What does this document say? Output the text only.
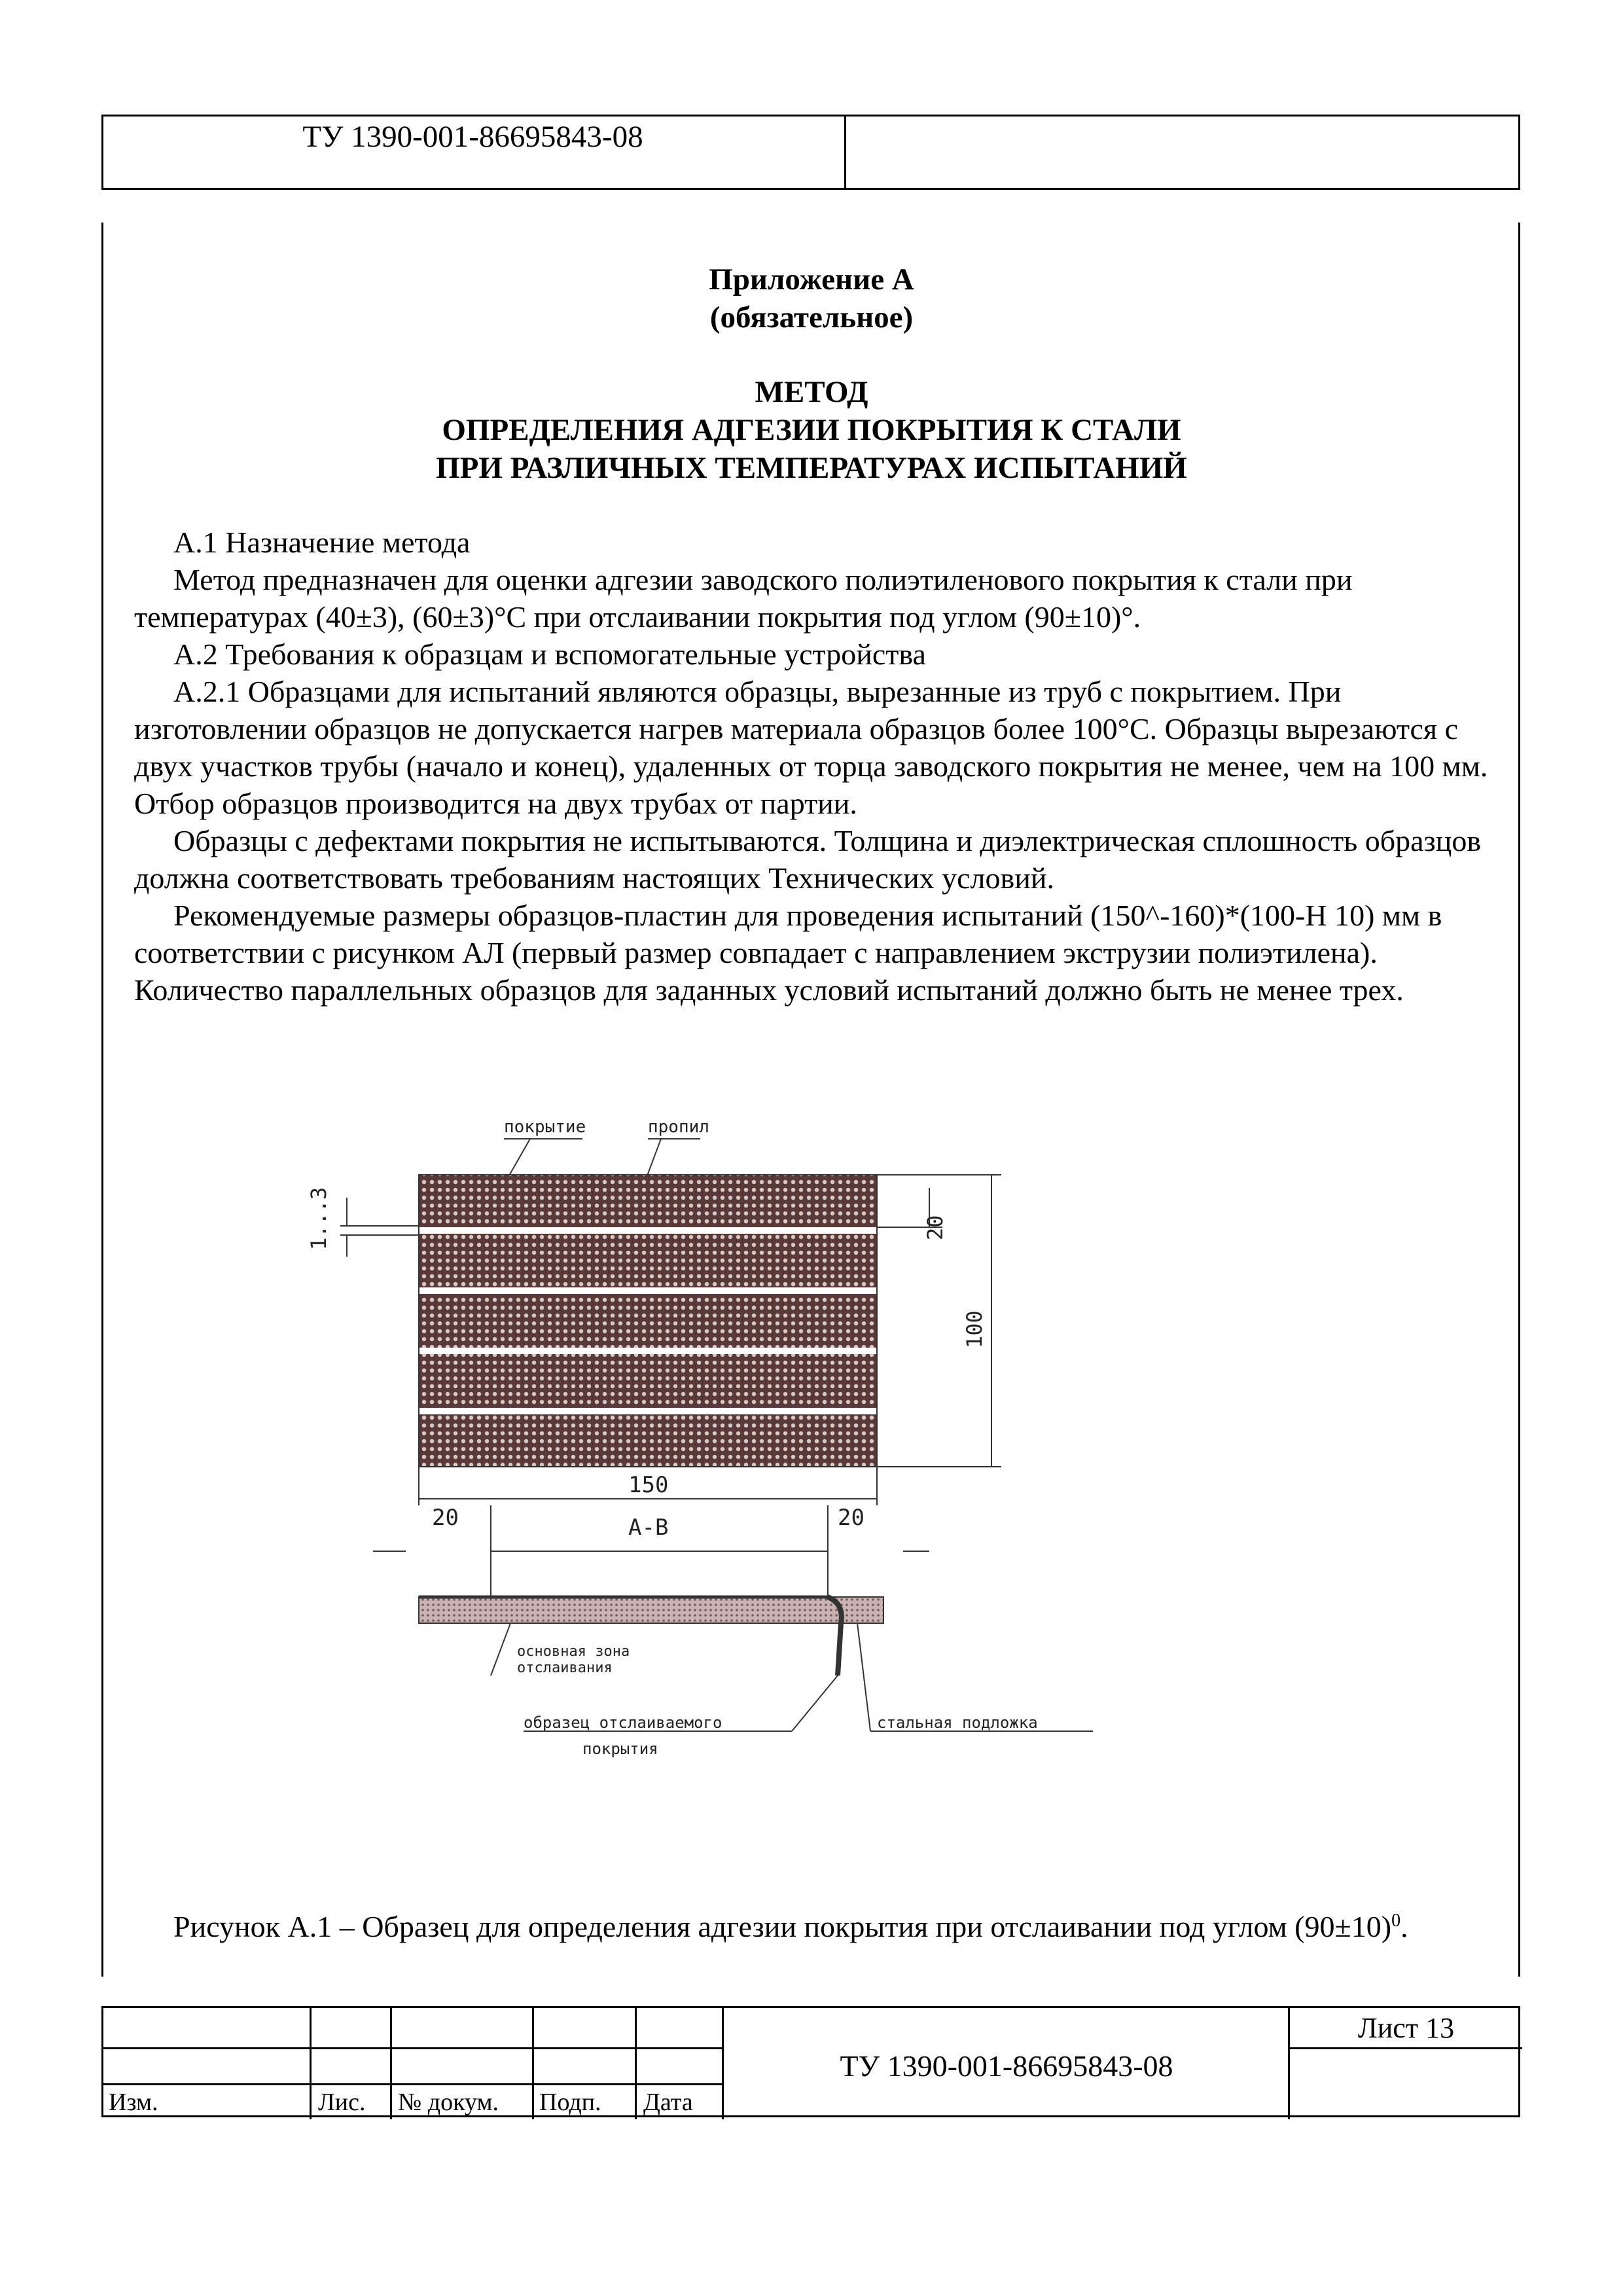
ТУ 1390-001-86695843-08
Приложение А
(обязательное)
МЕТОД
ОПРЕДЕЛЕНИЯ АДГЕЗИИ ПОКРЫТИЯ К СТАЛИ
ПРИ РАЗЛИЧНЫХ ТЕМПЕРАТУРАХ ИСПЫТАНИЙ

А.1 Назначение метода

Метод предназначен для оценки адгезии заводского полиэтиленового покрытия к стали при температурах (40±3), (60±3)°С при отслаивании покрытия под углом (90±10)°.

А.2 Требования к образцам и вспомогательные устройства

А.2.1 Образцами для испытаний являются образцы, вырезанные из труб с покрытием. При изготовлении образцов не допускается нагрев материала образцов более 100°С. Образцы вырезаются с двух участков трубы (начало и конец), удаленных от торца заводского покрытия не менее, чем на 100 мм. Отбор образцов производится на двух трубах от партии.

Образцы с дефектами покрытия не испытываются. Толщина и диэлектрическая сплошность образцов должна соответствовать требованиям настоящих Технических условий.

Рекомендуемые размеры образцов-пластин для проведения испытаний (150^-160)*(100-Н 10) мм в соответствии с рисунком АЛ (первый размер совпадает с направлением экструзии полиэтилена). Количество параллельных образцов для заданных условий испытаний должно быть не менее трех.

покрытие	пропил
1...3	20
100
150
20	20
А-В
основная зона
отслаивания
образец отслаиваемого
покрытия
стальная подложка
Рисунок А.1 – Образец для определения адгезии покрытия при отслаивании под углом $(90\pm 10)^0$.
Изм.	Лис. № докум. Подп. Дата
ТУ 1390-001-86695843-08
Лист 13
